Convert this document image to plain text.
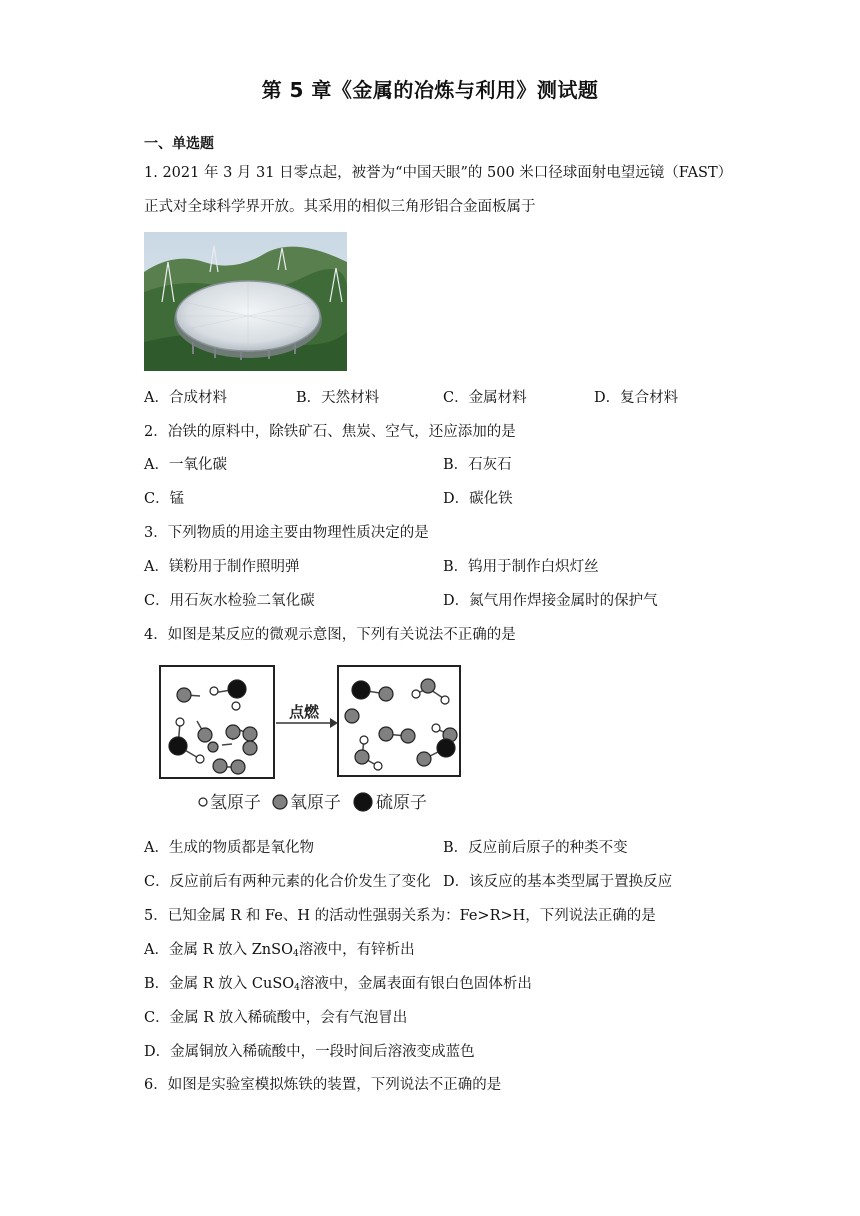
第 5 章《金属的冶炼与利用》测试题
一、单选题
1. 2021 年 3 月 31 日零点起，被誉为“中国天眼”的 500 米口径球面射电望远镜（FAST）
正式对全球科学界开放。其采用的相似三角形铝合金面板属于
A．合成材料	B．天然材料	C．金属材料	D．复合材料
2．冶铁的原料中，除铁矿石、焦炭、空气，还应添加的是
A．一氧化碳	B．石灰石
C．锰	D．碳化铁
3．下列物质的用途主要由物理性质决定的是
A．镁粉用于制作照明弹	B．钨用于制作白炽灯丝
C．用石灰水检验二氧化碳	D．氮气用作焊接金属时的保护气
4．如图是某反应的微观示意图，下列有关说法不正确的是
点燃
氢原子 氧原子 硫原子
A．生成的物质都是氧化物	B．反应前后原子的种类不变
C．反应前后有两种元素的化合价发生了变化 D．该反应的基本类型属于置换反应
5．已知金属 R 和 Fe、H 的活动性强弱关系为：Fe>R>H，下列说法正确的是
A．金属 R 放入 ZnSO$_4$溶液中，有锌析出
B．金属 R 放入 CuSO$_4$溶液中，金属表面有银白色固体析出
C．金属 R 放入稀硫酸中，会有气泡冒出
D．金属铜放入稀硫酸中，一段时间后溶液变成蓝色
6．如图是实验室模拟炼铁的装置，下列说法不正确的是
